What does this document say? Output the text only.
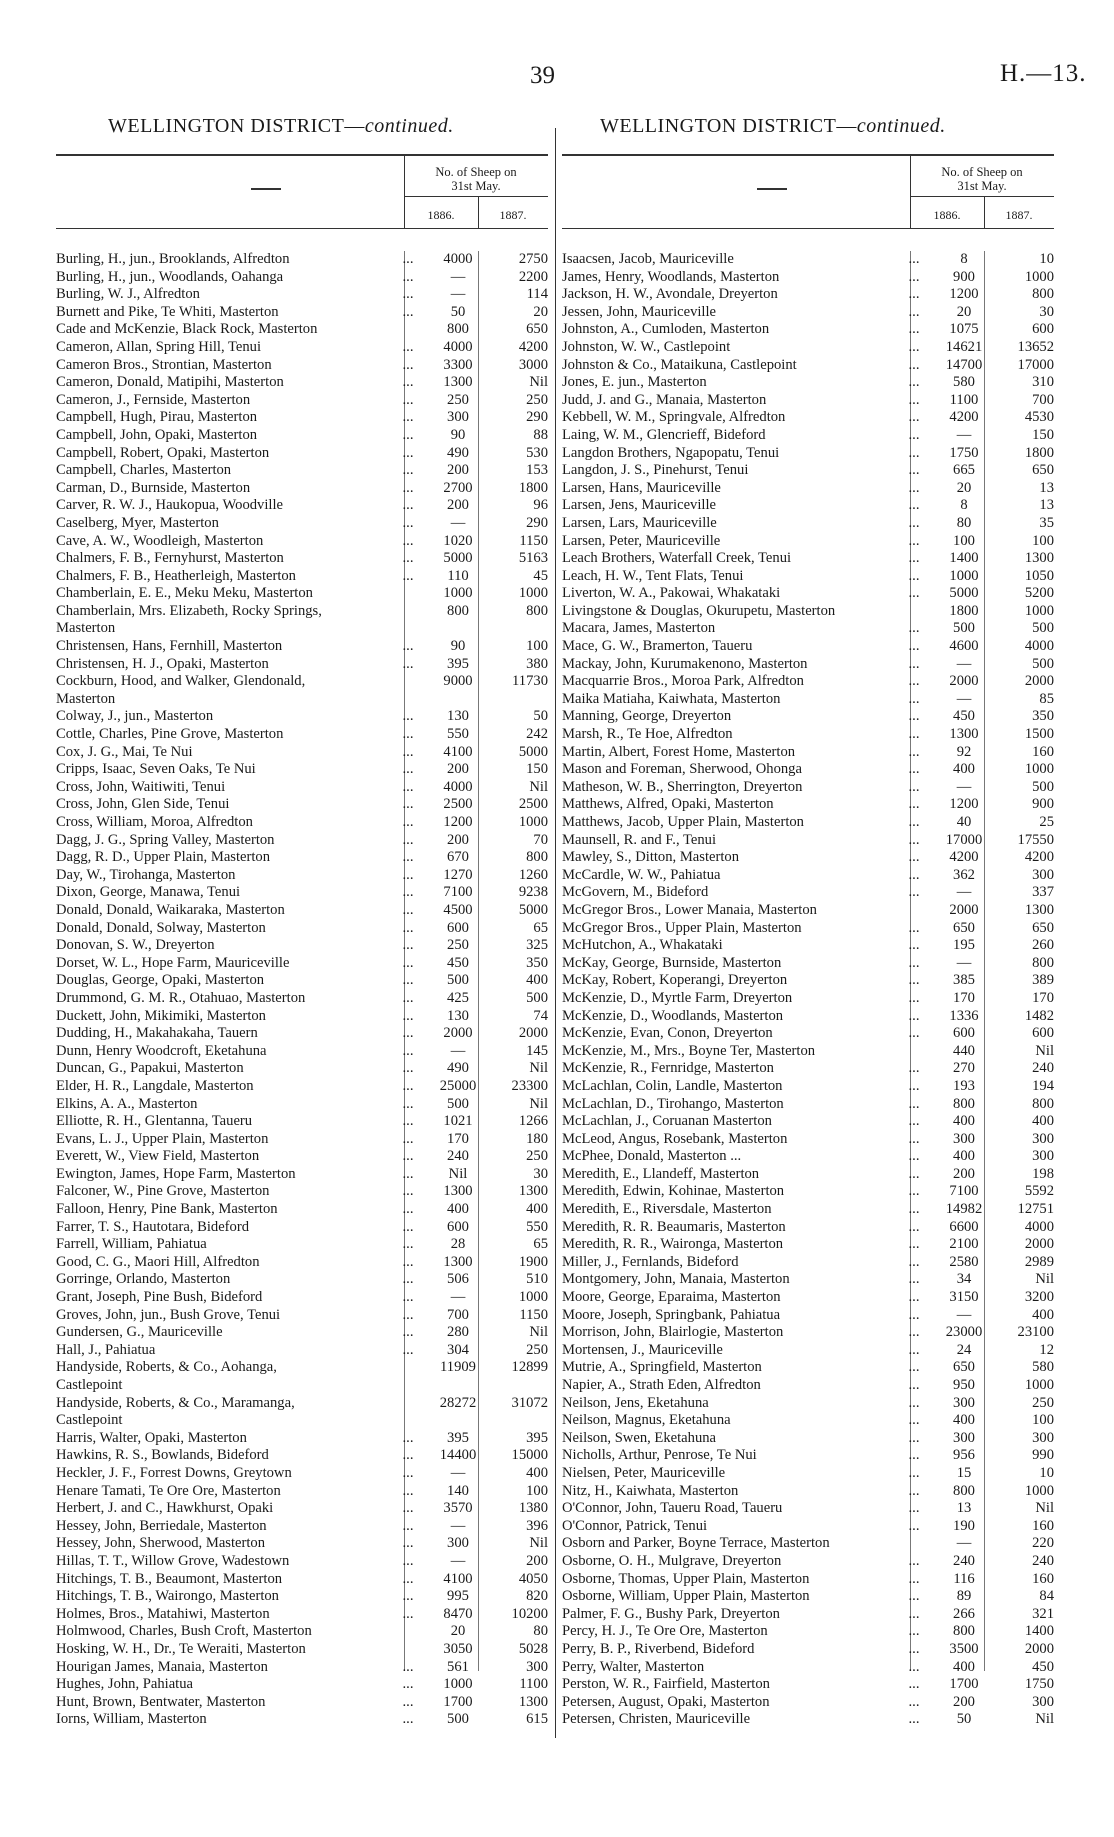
39	H.—13.
WELLINGTON DISTRICT—continued.	WELLINGTON DISTRICT—continued.
No. of Sheep on
31st May.
1886.	1887.
Burling, H., jun., Brooklands, Alfredton	...	4000	2750
Burling, H., jun., Woodlands, Oahanga	...	—	2200
Burling, W. J., Alfredton	...	—	114
Burnett and Pike, Te Whiti, Masterton	...	50	20
Cade and McKenzie, Black Rock, Masterton	800	650
Cameron, Allan, Spring Hill, Tenui	...	4000	4200
Cameron Bros., Strontian, Masterton	...	3300	3000
Cameron, Donald, Matipihi, Masterton	...	1300	Nil
Cameron, J., Fernside, Masterton	...	250	250
Campbell, Hugh, Pirau, Masterton	...	300	290
Campbell, John, Opaki, Masterton	...	90	88
Campbell, Robert, Opaki, Masterton	...	490	530
Campbell, Charles, Masterton	...	200	153
Carman, D., Burnside, Masterton	...	2700	1800
Carver, R. W. J., Haukopua, Woodville	...	200	96
Caselberg, Myer, Masterton	...	—	290
Cave, A. W., Woodleigh, Masterton	...	1020	1150
Chalmers, F. B., Fernyhurst, Masterton	...	5000	5163
Chalmers, F. B., Heatherleigh, Masterton	...	110	45
Chamberlain, E. E., Meku Meku, Masterton	1000	1000
Chamberlain, Mrs. Elizabeth, Rocky Springs,	800	800
Masterton
Christensen, Hans, Fernhill, Masterton	...	90	100
Christensen, H. J., Opaki, Masterton	...	395	380
Cockburn, Hood, and Walker, Glendonald,	9000	11730
Masterton
Colway, J., jun., Masterton	...	130	50
Cottle, Charles, Pine Grove, Masterton	...	550	242
Cox, J. G., Mai, Te Nui	...	4100	5000
Cripps, Isaac, Seven Oaks, Te Nui	...	200	150
Cross, John, Waitiwiti, Tenui	...	4000	Nil
Cross, John, Glen Side, Tenui	...	2500	2500
Cross, William, Moroa, Alfredton	...	1200	1000
Dagg, J. G., Spring Valley, Masterton	...	200	70
Dagg, R. D., Upper Plain, Masterton	...	670	800
Day, W., Tirohanga, Masterton	...	1270	1260
Dixon, George, Manawa, Tenui	...	7100	9238
Donald, Donald, Waikaraka, Masterton	...	4500	5000
Donald, Donald, Solway, Masterton	...	600	65
Donovan, S. W., Dreyerton	...	250	325
Dorset, W. L., Hope Farm, Mauriceville	...	450	350
Douglas, George, Opaki, Masterton	...	500	400
Drummond, G. M. R., Otahuao, Masterton	...	425	500
Duckett, John, Mikimiki, Masterton	...	130	74
Dudding, H., Makahakaha, Tauern	...	2000	2000
Dunn, Henry Woodcroft, Eketahuna	...	—	145
Duncan, G., Papakui, Masterton	...	490	Nil
Elder, H. R., Langdale, Masterton	...	25000	23300
Elkins, A. A., Masterton	...	500	Nil
Elliotte, R. H., Glentanna, Taueru	...	1021	1266
Evans, L. J., Upper Plain, Masterton	...	170	180
Everett, W., View Field, Masterton	...	240	250
Ewington, James, Hope Farm, Masterton	...	Nil	30
Falconer, W., Pine Grove, Masterton	...	1300	1300
Falloon, Henry, Pine Bank, Masterton	...	400	400
Farrer, T. S., Hautotara, Bideford	...	600	550
Farrell, William, Pahiatua	...	28	65
Good, C. G., Maori Hill, Alfredton	...	1300	1900
Gorringe, Orlando, Masterton	...	506	510
Grant, Joseph, Pine Bush, Bideford	...	—	1000
Groves, John, jun., Bush Grove, Tenui	...	700	1150
Gundersen, G., Mauriceville	...	280	Nil
Hall, J., Pahiatua	...	304	250
Handyside, Roberts, & Co., Aohanga,	11909	12899
Castlepoint
Handyside, Roberts, & Co., Maramanga,	28272	31072
Castlepoint
Harris, Walter, Opaki, Masterton	...	395	395
Hawkins, R. S., Bowlands, Bideford	...	14400	15000
Heckler, J. F., Forrest Downs, Greytown	...	—	400
Henare Tamati, Te Ore Ore, Masterton	...	140	100
Herbert, J. and C., Hawkhurst, Opaki	...	3570	1380
Hessey, John, Berriedale, Masterton	...	—	396
Hessey, John, Sherwood, Masterton	...	300	Nil
Hillas, T. T., Willow Grove, Wadestown	...	—	200
Hitchings, T. B., Beaumont, Masterton	...	4100	4050
Hitchings, T. B., Wairongo, Masterton	...	995	820
Holmes, Bros., Matahiwi, Masterton	...	8470	10200
Holmwood, Charles, Bush Croft, Masterton	20	80
Hosking, W. H., Dr., Te Weraiti, Masterton	3050	5028
Hourigan James, Manaia, Masterton	...	561	300
Hughes, John, Pahiatua	...	1000	1100
Hunt, Brown, Bentwater, Masterton	...	1700	1300
Iorns, William, Masterton	...	500	615
No. of Sheep on
31st May.
1886.	1887.
Isaacsen, Jacob, Mauriceville	...	8	10
James, Henry, Woodlands, Masterton	...	900	1000
Jackson, H. W., Avondale, Dreyerton	...	1200	800
Jessen, John, Mauriceville	...	20	30
Johnston, A., Cumloden, Masterton	...	1075	600
Johnston, W. W., Castlepoint	...	14621	13652
Johnston & Co., Mataikuna, Castlepoint	...	14700	17000
Jones, E. jun., Masterton	...	580	310
Judd, J. and G., Manaia, Masterton	...	1100	700
Kebbell, W. M., Springvale, Alfredton	...	4200	4530
Laing, W. M., Glencrieff, Bideford	...	—	150
Langdon Brothers, Ngapopatu, Tenui	...	1750	1800
Langdon, J. S., Pinehurst, Tenui	...	665	650
Larsen, Hans, Mauriceville	...	20	13
Larsen, Jens, Mauriceville	...	8	13
Larsen, Lars, Mauriceville	...	80	35
Larsen, Peter, Mauriceville	...	100	100
Leach Brothers, Waterfall Creek, Tenui	...	1400	1300
Leach, H. W., Tent Flats, Tenui	...	1000	1050
Liverton, W. A., Pakowai, Whakataki	...	5000	5200
Livingstone & Douglas, Okurupetu, Masterton	1800	1000
Macara, James, Masterton	...	500	500
Mace, G. W., Bramerton, Taueru	...	4600	4000
Mackay, John, Kurumakenono, Masterton	...	—	500
Macquarrie Bros., Moroa Park, Alfredton	...	2000	2000
Maika Matiaha, Kaiwhata, Masterton	...	—	85
Manning, George, Dreyerton	...	450	350
Marsh, R., Te Hoe, Alfredton	...	1300	1500
Martin, Albert, Forest Home, Masterton	...	92	160
Mason and Foreman, Sherwood, Ohonga	...	400	1000
Matheson, W. B., Sherrington, Dreyerton	...	—	500
Matthews, Alfred, Opaki, Masterton	...	1200	900
Matthews, Jacob, Upper Plain, Masterton	...	40	25
Maunsell, R. and F., Tenui	...	17000	17550
Mawley, S., Ditton, Masterton	...	4200	4200
McCardle, W. W., Pahiatua	...	362	300
McGovern, M., Bideford	...	—	337
McGregor Bros., Lower Manaia, Masterton	2000	1300
McGregor Bros., Upper Plain, Masterton	...	650	650
McHutchon, A., Whakataki	...	195	260
McKay, George, Burnside, Masterton	...	—	800
McKay, Robert, Koperangi, Dreyerton	...	385	389
McKenzie, D., Myrtle Farm, Dreyerton	...	170	170
McKenzie, D., Woodlands, Masterton	...	1336	1482
McKenzie, Evan, Conon, Dreyerton	...	600	600
McKenzie, M., Mrs., Boyne Ter, Masterton	440	Nil
McKenzie, R., Fernridge, Masterton	...	270	240
McLachlan, Colin, Landle, Masterton	...	193	194
McLachlan, D., Tirohango, Masterton	...	800	800
McLachlan, J., Coruanan Masterton	...	400	400
McLeod, Angus, Rosebank, Masterton	...	300	300
McPhee, Donald, Masterton ...	...	400	300
Meredith, E., Llandeff, Masterton	...	200	198
Meredith, Edwin, Kohinae, Masterton	...	7100	5592
Meredith, E., Riversdale, Masterton	...	14982	12751
Meredith, R. R. Beaumaris, Masterton	...	6600	4000
Meredith, R. R., Waironga, Masterton	...	2100	2000
Miller, J., Fernlands, Bideford	...	2580	2989
Montgomery, John, Manaia, Masterton	...	34	Nil
Moore, George, Eparaima, Masterton	...	3150	3200
Moore, Joseph, Springbank, Pahiatua	...	—	400
Morrison, John, Blairlogie, Masterton	...	23000	23100
Mortensen, J., Mauriceville	...	24	12
Mutrie, A., Springfield, Masterton	...	650	580
Napier, A., Strath Eden, Alfredton	...	950	1000
Neilson, Jens, Eketahuna	...	300	250
Neilson, Magnus, Eketahuna	...	400	100
Neilson, Swen, Eketahuna	...	300	300
Nicholls, Arthur, Penrose, Te Nui	...	956	990
Nielsen, Peter, Mauriceville	...	15	10
Nitz, H., Kaiwhata, Masterton	...	800	1000
O'Connor, John, Taueru Road, Taueru	...	13	Nil
O'Connor, Patrick, Tenui	...	190	160
Osborn and Parker, Boyne Terrace, Masterton	—	220
Osborne, O. H., Mulgrave, Dreyerton	...	240	240
Osborne, Thomas, Upper Plain, Masterton	...	116	160
Osborne, William, Upper Plain, Masterton	...	89	84
Palmer, F. G., Bushy Park, Dreyerton	...	266	321
Percy, H. J., Te Ore Ore, Masterton	...	800	1400
Perry, B. P., Riverbend, Bideford	...	3500	2000
Perry, Walter, Masterton	...	400	450
Perston, W. R., Fairfield, Masterton	...	1700	1750
Petersen, August, Opaki, Masterton	...	200	300
Petersen, Christen, Mauriceville	...	50	Nil
